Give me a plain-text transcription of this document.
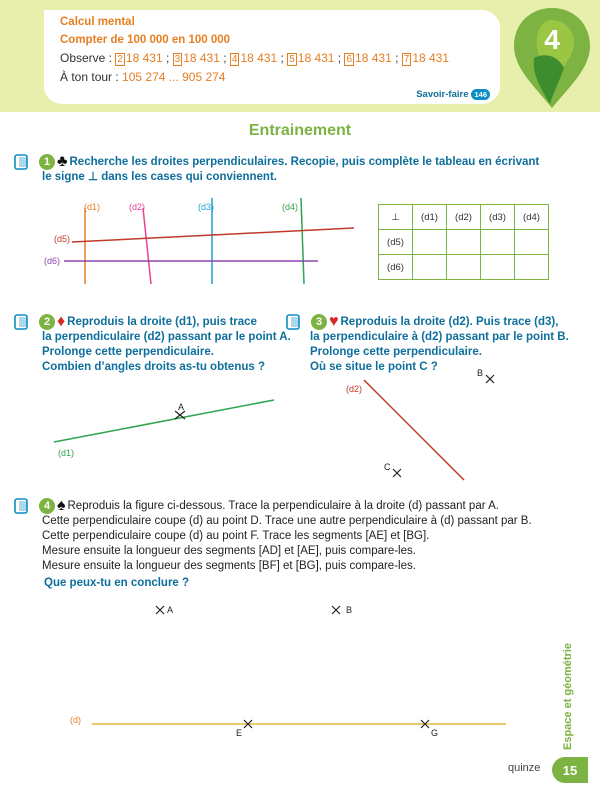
Calcul mental
Compter de 100 000 en 100 000
Observe : 2 18 431 ; 3 18 431 ; 4 18 431 ; 5 18 431 ; 6 18 431 ; 7 18 431
À ton tour : 105 274 ... 905 274
Savoir-faire 146
4
Entrainement
1 ♣ Recherche les droites perpendiculaires. Recopie, puis complète le tableau en écrivant
le signe ⊥ dans les cases qui conviennent.
(d1)	(d2)	(d3)	(d4)
(d5)
(d6)
⊥	(d1)	(d2)	(d3)	(d4)
(d5)				
(d6)				
2 ♦ Reproduis la droite (d1), puis trace
la perpendiculaire (d2) passant par le point A.
Prolonge cette perpendiculaire.
Combien d’angles droits as-tu obtenus ?
A
(d1)
3 ♥ Reproduis la droite (d2). Puis trace (d3),
la perpendiculaire à (d2) passant par le point B.
Prolonge cette perpendiculaire.
Où se situe le point C ?
(d2)
B
C
4 ♠ Reproduis la figure ci-dessous. Trace la perpendiculaire à la droite (d) passant par A.
Cette perpendiculaire coupe (d) au point D. Trace une autre perpendiculaire à (d) passant par B.
Cette perpendiculaire coupe (d) au point F. Trace les segments [AE] et [BG].
Mesure ensuite la longueur des segments [AD] et [AE], puis compare-les.
Mesure ensuite la longueur des segments [BF] et [BG], puis compare-les.
Que peux-tu en conclure ?
A	B
(d)
E	G	Espace et géométrie
quinze	15
